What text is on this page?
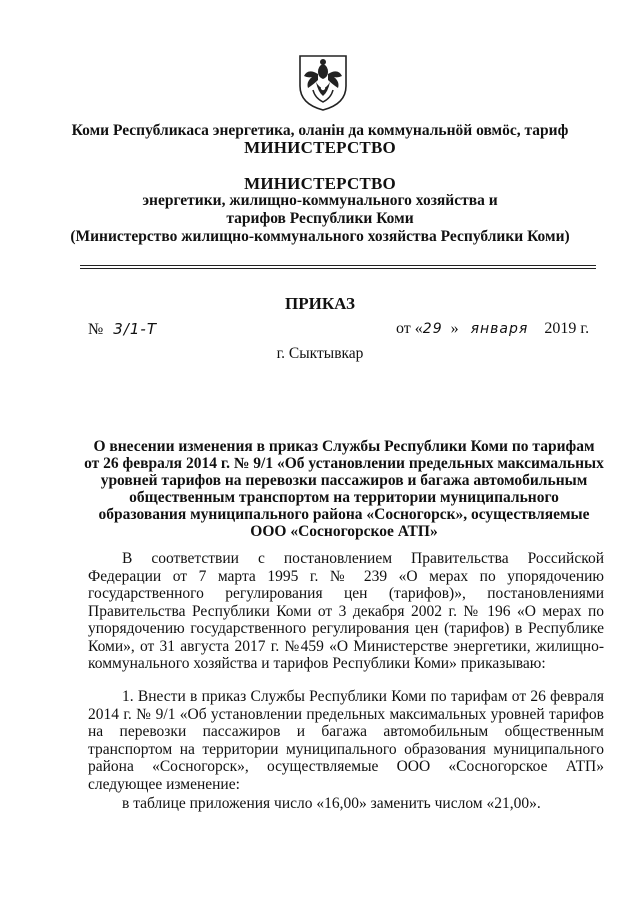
Коми Республикаса энергетика, оланiн да коммунальнöй овмöс, тариф
МИНИСТЕРСТВО
МИНИСТЕРСТВО
энергетики, жилищно-коммунального хозяйства и
тарифов Республики Коми
(Министерство жилищно-коммунального хозяйства Республики Коми)
ПРИКАЗ
№ 3/1-Т	от «29 » января 2019 г.
г. Сыктывкар
О внесении изменения в приказ Службы Республики Коми по тарифам от 26 февраля 2014 г. № 9/1 «Об установлении предельных максимальных уровней тарифов на перевозки пассажиров и багажа автомобильным общественным транспортом на территории муниципального образования муниципального района «Сосногорск», осуществляемые ООО «Сосногорское АТП»
В соответствии с постановлением Правительства Российской Федерации от 7 марта 1995 г. № 239 «О мерах по упорядочению государственного регулирования цен (тарифов)», постановлениями Правительства Республики Коми от 3 декабря 2002 г. № 196 «О мерах по упорядочению государственного регулирования цен (тарифов) в Республике Коми», от 31 августа 2017 г. №459 «О Министерстве энергетики, жилищно-коммунального хозяйства и тарифов Республики Коми» приказываю:
1. Внести в приказ Службы Республики Коми по тарифам от 26 февраля 2014 г. № 9/1 «Об установлении предельных максимальных уровней тарифов на перевозки пассажиров и багажа автомобильным общественным транспортом на территории муниципального образования муниципального района «Сосногорск», осуществляемые ООО «Сосногорское АТП» следующее изменение:
в таблице приложения число «16,00» заменить числом «21,00».
